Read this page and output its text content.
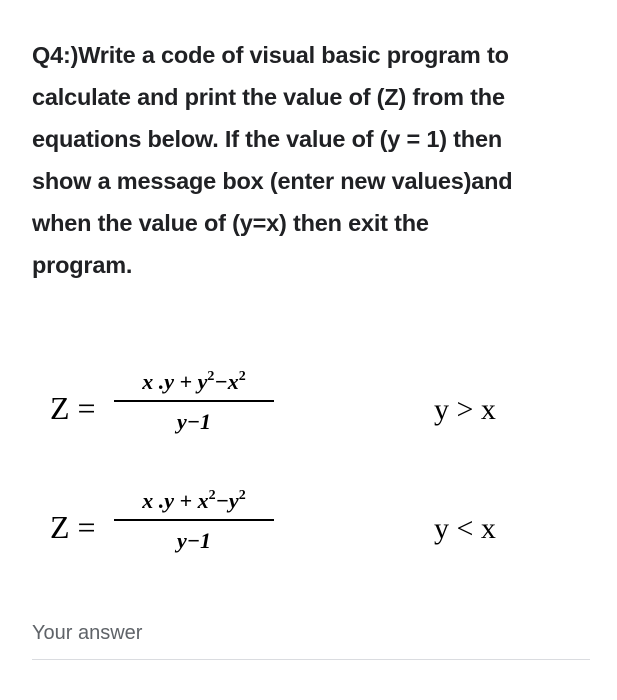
Q4:)Write a code of visual basic program to
calculate and print the value of (Z) from the
equations below. If the value of (y = 1) then
show a message box (enter new values)and
when the value of (y=x) then exit the
program.
Z =
x $.y + y^2-x^2$
y−1	y > x
Z =
x $.y + x^2-y^2$
y−1	y < x
Your answer
